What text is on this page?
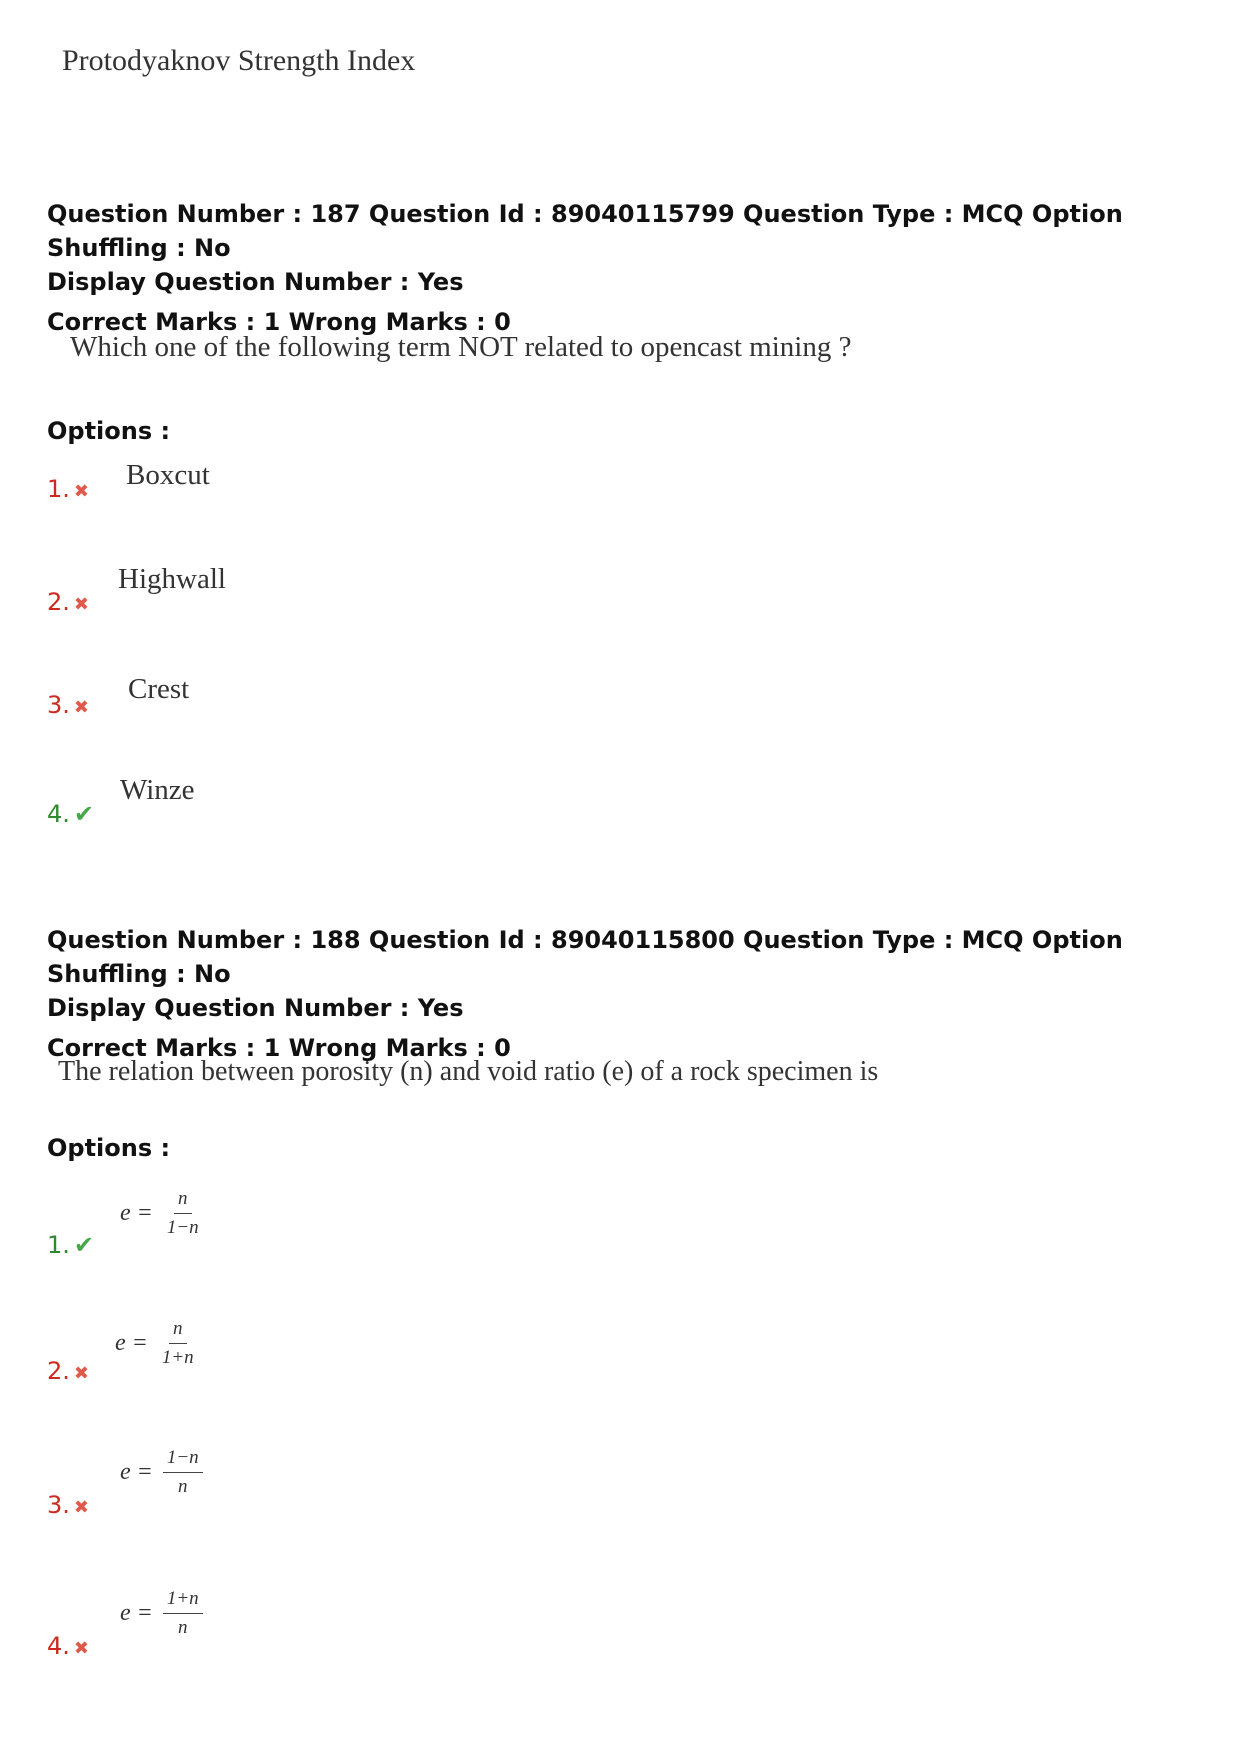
Protodyaknov Strength Index
Question Number : 187 Question Id : 89040115799 Question Type : MCQ Option Shuffling : No
Display Question Number : Yes
Correct Marks : 1 Wrong Marks : 0
Which one of the following term NOT related to opencast mining ?
Options :
1. ✖
Boxcut
2. ✖
Highwall
3. ✖
Crest
4. ✔
Winze
Question Number : 188 Question Id : 89040115800 Question Type : MCQ Option Shuffling : No
Display Question Number : Yes
Correct Marks : 1 Wrong Marks : 0
The relation between porosity (n) and void ratio (e) of a rock specimen is
Options :
1. ✔
$e = \frac{n}{1-n}$
2. ✖
$e = \frac{n}{1+n}$
3. ✖
$e = \frac{1-n}{n}$
4. ✖
$e = \frac{1+n}{n}$
